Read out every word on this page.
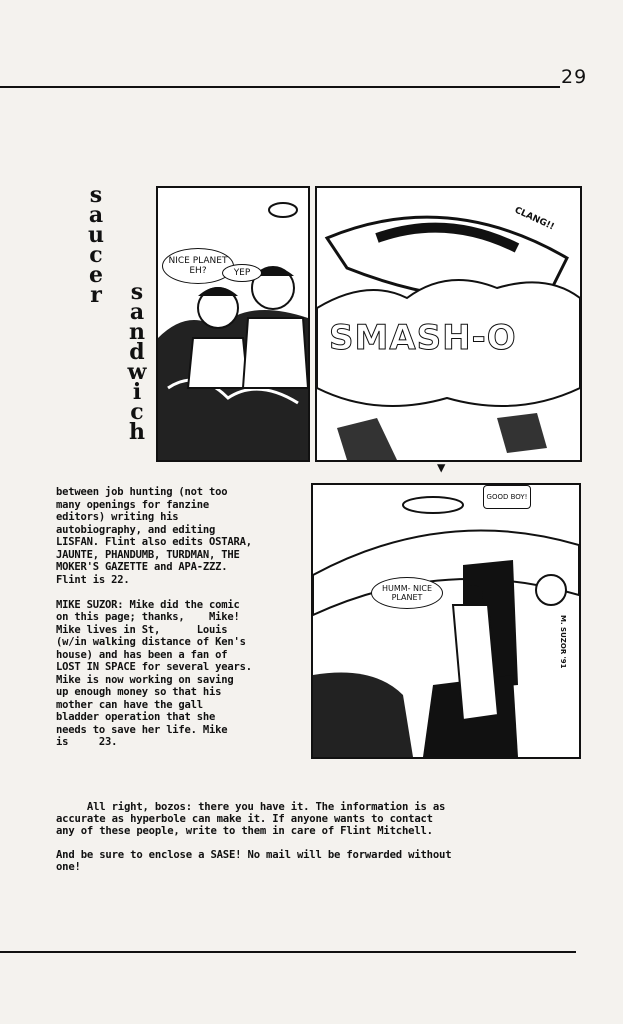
29
s
a
u
c
e
r s
a
n
d
w
i
c
h
NICE PLANET EH?	YEP
CLANG!!
SMASH-O
▼
GOOD BOY!
HUMM- NICE PLANET
M. SUZOR '91
between job hunting (not too
many openings for fanzine
editors) writing his
autobiography, and editing
LISFAN. Flint also edits OSTARA,
JAUNTE, PHANDUMB, TURDMAN, THE
MOKER'S GAZETTE and APA-ZZZ.
Flint is 22.

MIKE SUZOR: Mike did the comic
on this page; thanks,    Mike!
Mike lives in St,      Louis
(w/in walking distance of Ken's
house) and has been a fan of
LOST IN SPACE for several years.
Mike is now working on saving
up enough money so that his
mother can have the gall
bladder operation that she
needs to save her life. Mike
is     23.
All right, bozos: there you have it. The information is as
accurate as hyperbole can make it. If anyone wants to contact
any of these people, write to them in care of Flint Mitchell.

And be sure to enclose a SASE! No mail will be forwarded without
one!
